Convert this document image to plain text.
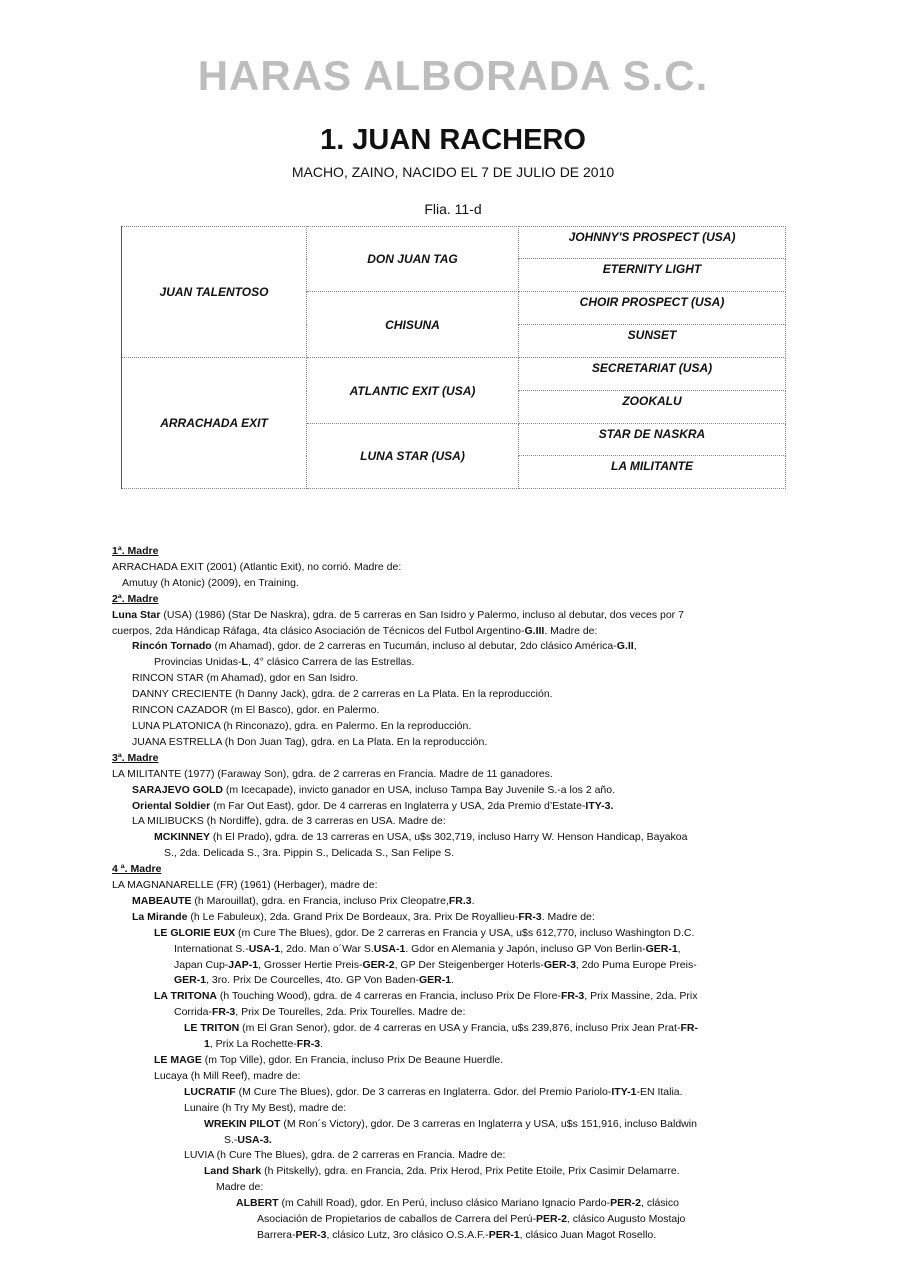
HARAS ALBORADA S.C.
1. JUAN RACHERO
MACHO, ZAINO, NACIDO EL 7 DE JULIO DE 2010
Flia. 11-d
JUAN TALENTOSO	DON JUAN TAG	JOHNNY'S PROSPECT (USA)
		ETERNITY LIGHT
	CHISUNA	CHOIR PROSPECT (USA)
		SUNSET
ARRACHADA EXIT	ATLANTIC EXIT (USA)	SECRETARIAT (USA)
		ZOOKALU
	LUNA STAR (USA)	STAR DE NASKRA
		LA MILITANTE
1ª. Madre
ARRACHADA EXIT (2001) (Atlantic Exit), no corrió. Madre de:
Amutuy (h Atonic) (2009), en Training.
2ª. Madre
Luna Star (USA) (1986) (Star De Naskra), gdra. de 5 carreras en San Isidro y Palermo, incluso al debutar, dos veces por 7
cuerpos, 2da Hándicap Ráfaga, 4ta clásico Asociación de Técnicos del Futbol Argentino-G.III. Madre de:
Rincón Tornado (m Ahamad), gdor. de 2 carreras en Tucumán, incluso al debutar, 2do clásico América-G.II,
Provincias Unidas-L, 4° clásico Carrera de las Estrellas.
RINCON STAR (m Ahamad), gdor en San Isidro.
DANNY CRECIENTE (h Danny Jack), gdra. de 2 carreras en La Plata. En la reproducción.
RINCON CAZADOR (m El Basco), gdor. en Palermo.
LUNA PLATONICA (h Rinconazo), gdra. en Palermo. En la reproducción.
JUANA ESTRELLA (h Don Juan Tag), gdra. en La Plata. En la reproducción.
3ª. Madre
LA MILITANTE (1977) (Faraway Son), gdra. de 2 carreras en Francia. Madre de 11 ganadores.
SARAJEVO GOLD (m Icecapade), invicto ganador en USA, incluso Tampa Bay Juvenile S.-a los 2 año.
Oriental Soldier (m Far Out East), gdor. De 4 carreras en Inglaterra y USA, 2da Premio d’Estate-ITY-3.
LA MILIBUCKS (h Nordiffe), gdra. de 3 carreras en USA. Madre de:
MCKINNEY (h El Prado), gdra. de 13 carreras en USA, u$s 302,719, incluso Harry W. Henson Handicap, Bayakoa
S., 2da. Delicada S., 3ra. Pippin S., Delicada S., San Felipe S.
4 ª. Madre
LA MAGNANARELLE (FR) (1961) (Herbager), madre de:
MABEAUTE (h Marouillat), gdra. en Francia, incluso Prix Cleopatre,FR.3.
La Mirande (h Le Fabuleux), 2da. Grand Prix De Bordeaux, 3ra. Prix De Royallieu-FR-3. Madre de:
LE GLORIE EUX (m Cure The Blues), gdor. De 2 carreras en Francia y USA, u$s 612,770, incluso Washington D.C.
Internationat S.-USA-1, 2do. Man o´War S.USA-1. Gdor en Alemania y Japón, incluso GP Von Berlin-GER-1,
Japan Cup-JAP-1, Grosser Hertie Preis-GER-2, GP Der Steigenberger Hoterls-GER-3, 2do Puma Europe Preis-
GER-1, 3ro. Prix De Courcelles, 4to. GP Von Baden-GER-1.
LA TRITONA (h Touching Wood), gdra. de 4 carreras en Francia, incluso Prix De Flore-FR-3, Prix Massine, 2da. Prix
Corrida-FR-3, Prix De Tourelles, 2da. Prix Tourelles. Madre de:
LE TRITON (m El Gran Senor), gdor. de 4 carreras en USA y Francia, u$s 239,876, incluso Prix Jean Prat-FR-
1, Prix La Rochette-FR-3.
LE MAGE (m Top Ville), gdor. En Francia, incluso Prix De Beaune Huerdle.
Lucaya (h Mill Reef), madre de:
LUCRATIF (M Cure The Blues), gdor. De 3 carreras en Inglaterra. Gdor. del Premio Pariolo-ITY-1-EN Italia.
Lunaire (h Try My Best), madre de:
WREKIN PILOT (M Ron´s Victory), gdor. De 3 carreras en Inglaterra y USA, u$s 151,916, incluso Baldwin
S.-USA-3.
LUVIA (h Cure The Blues), gdra. de 2 carreras en Francia. Madre de:
Land Shark (h Pitskelly), gdra. en Francia, 2da. Prix Herod, Prix Petite Etoile, Prix Casimir Delamarre.
Madre de:
ALBERT (m Cahill Road), gdor. En Perú, incluso clásico Mariano Ignacio Pardo-PER-2, clásico
Asociación de Propietarios de caballos de Carrera del Perú-PER-2, clásico Augusto Mostajo
Barrera-PER-3, clásico Lutz, 3ro clásico O.S.A.F.-PER-1, clásico Juan Magot Rosello.
